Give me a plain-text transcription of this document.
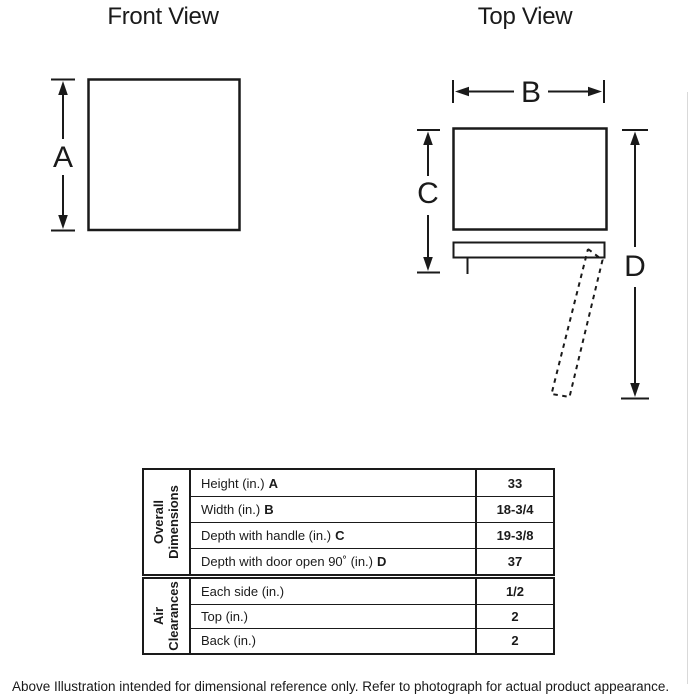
Front View	Top View
A
B
C
D
Overall Dimensions
Height (in.) A	33
Width (in.) B	18-3/4
Depth with handle (in.) C	19-3/8
Depth with door open 90˚ (in.) D	37
Air Clearances Each side (in.)	1/2
Top (in.)	2
Back (in.)	2
Above Illustration intended for dimensional reference only. Refer to photograph for actual product appearance.
